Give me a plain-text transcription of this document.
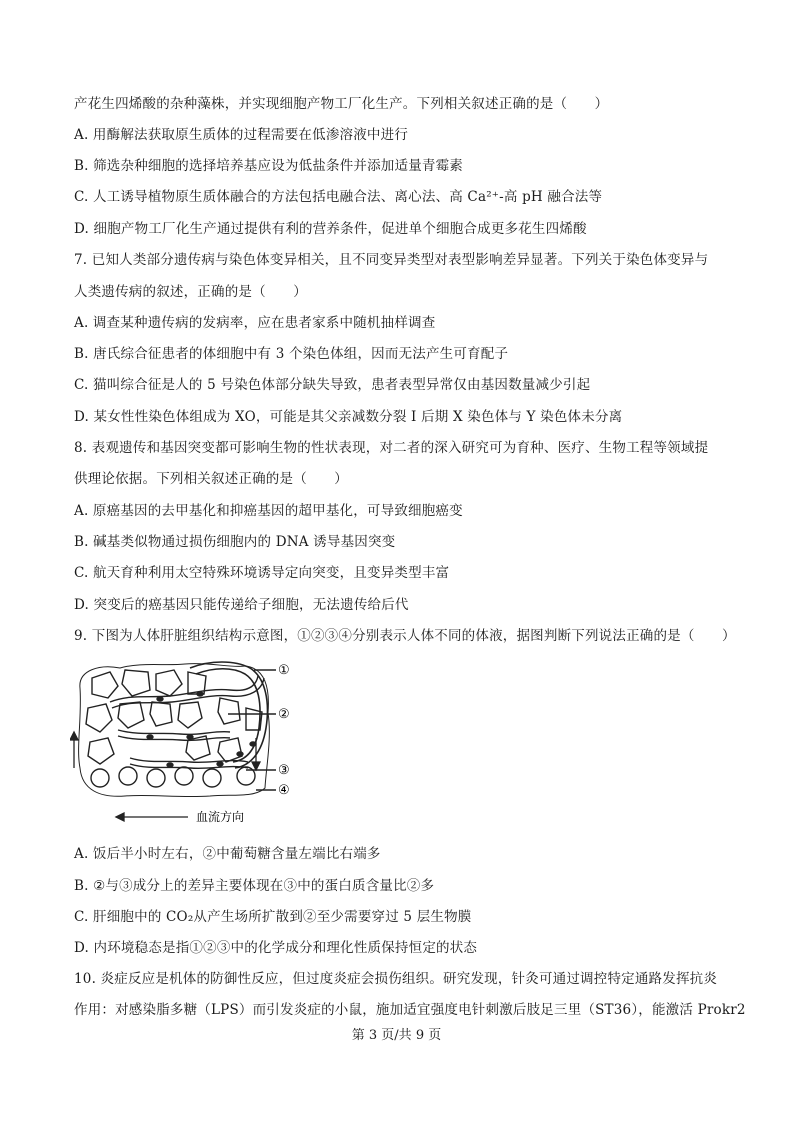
产花生四烯酸的杂种藻株，并实现细胞产物工厂化生产。下列相关叙述正确的是（　　）
A. 用酶解法获取原生质体的过程需要在低渗溶液中进行
B. 筛选杂种细胞的选择培养基应设为低盐条件并添加适量青霉素
C. 人工诱导植物原生质体融合的方法包括电融合法、离心法、高 Ca²⁺-高 pH 融合法等
D. 细胞产物工厂化生产通过提供有利的营养条件，促进单个细胞合成更多花生四烯酸
7. 已知人类部分遗传病与染色体变异相关，且不同变异类型对表型影响差异显著。下列关于染色体变异与
人类遗传病的叙述，正确的是（　　）
A. 调查某种遗传病的发病率，应在患者家系中随机抽样调查
B. 唐氏综合征患者的体细胞中有 3 个染色体组，因而无法产生可育配子
C. 猫叫综合征是人的 5 号染色体部分缺失导致，患者表型异常仅由基因数量减少引起
D. 某女性性染色体组成为 XO，可能是其父亲减数分裂 I 后期 X 染色体与 Y 染色体未分离
8. 表观遗传和基因突变都可影响生物的性状表现，对二者的深入研究可为育种、医疗、生物工程等领域提
供理论依据。下列相关叙述正确的是（　　）
A. 原癌基因的去甲基化和抑癌基因的超甲基化，可导致细胞癌变
B. 碱基类似物通过损伤细胞内的 DNA 诱导基因突变
C. 航天育种利用太空特殊环境诱导定向突变，且变异类型丰富
D. 突变后的癌基因只能传递给子细胞，无法遗传给后代
9. 下图为人体肝脏组织结构示意图，①②③④分别表示人体不同的体液，据图判断下列说法正确的是（　　）
①
②
③
④
血流方向
A. 饭后半小时左右，②中葡萄糖含量左端比右端多
B. ②与③成分上的差异主要体现在③中的蛋白质含量比②多
C. 肝细胞中的 CO₂从产生场所扩散到②至少需要穿过 5 层生物膜
D. 内环境稳态是指①②③中的化学成分和理化性质保持恒定的状态
10. 炎症反应是机体的防御性反应，但过度炎症会损伤组织。研究发现，针灸可通过调控特定通路发挥抗炎
作用：对感染脂多糖（LPS）而引发炎症的小鼠，施加适宜强度电针刺激后肢足三里（ST36），能激活 Prokr2
第 3 页/共 9 页
